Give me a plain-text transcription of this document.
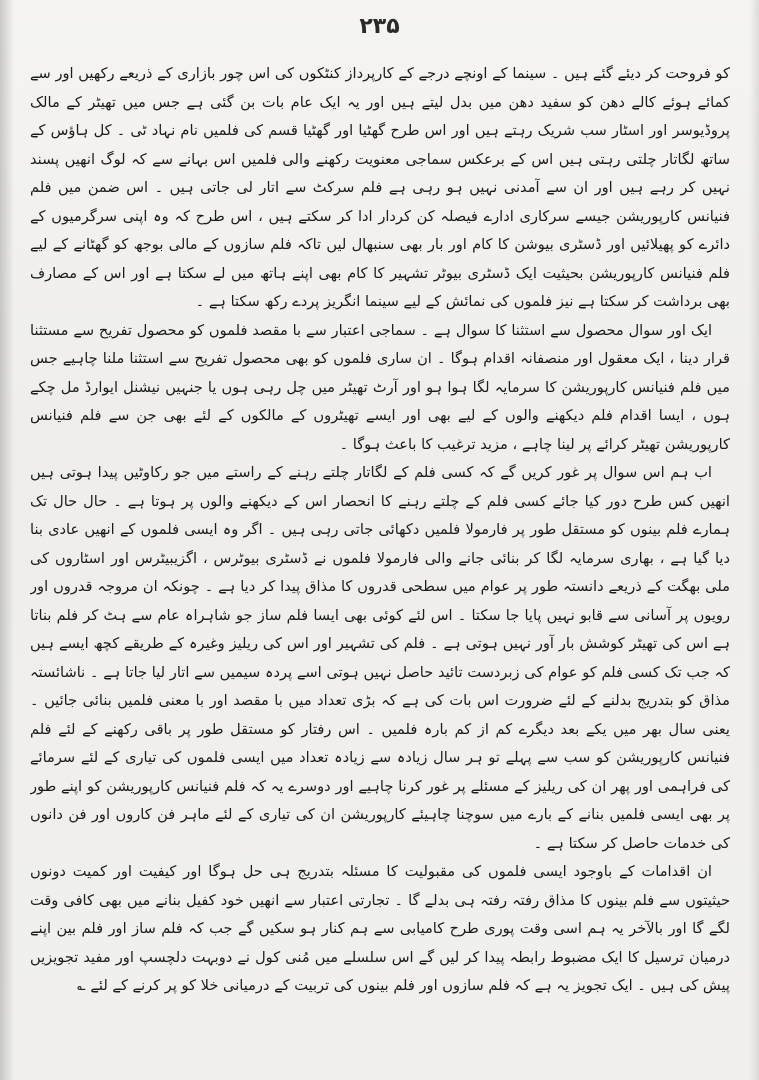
۲۳۵

کو فروحت کر دیئے گئے ہیں ۔ سینما کے اونچے درجے کے کارپرداز کنٹکوں کی اس چور بازاری کے ذریعے رکھیں اور سے کمائے ہوئے کالے دھن کو سفید دھن میں بدل لیتے ہیں اور یہ ایک عام بات بن گئی ہے جس میں تھیٹر کے مالک پروڈیوسر اور اسٹار سب شریک رہتے ہیں اور اس طرح گھٹیا اور گھٹیا قسم کی فلمیں نام نہاد ٹی ۔ کل ہاؤس کے ساتھ لگاتار چلتی رہتی ہیں اس کے برعکس سماجی معنویت رکھنے والی فلمیں اس بہانے سے کہ لوگ انھیں پسند نہیں کر رہے ہیں اور ان سے آمدنی نہیں ہو رہی ہے فلم سرکٹ سے اتار لی جاتی ہیں ۔ اس ضمن میں فلم فنیانس کارپوریشن جیسے سرکاری ادارے فیصلہ کن کردار ادا کر سکتے ہیں ، اس طرح کہ وہ اپنی سرگرمیوں کے دائرے کو پھیلائیں اور ڈسٹری بیوشن کا کام اور بار بھی سنبھال لیں تاکہ فلم سازوں کے مالی بوجھ کو گھٹانے کے لیے فلم فنیانس کارپوریشن بحیثیت ایک ڈسٹری بیوٹر تشہیر کا کام بھی اپنے ہاتھ میں لے سکتا ہے اور اس کے مصارف بھی برداشت کر سکتا ہے نیز فلموں کی نمائش کے لیے سینما انگریز پردے رکھ سکتا ہے ۔

ایک اور سوال محصول سے استثنا کا سوال ہے ۔ سماجی اعتبار سے با مقصد فلموں کو محصول تفریح سے مستثنا قرار دینا ، ایک معقول اور منصفانہ اقدام ہوگا ۔ ان ساری فلموں کو بھی محصول تفریح سے استثنا ملنا چاہیے جس میں فلم فنیانس کارپوریشن کا سرمایہ لگا ہوا ہو اور آرٹ تھیٹر میں چل رہی ہوں یا جنہیں نیشنل ایوارڈ مل چکے ہوں ، ایسا اقدام فلم دیکھنے والوں کے لیے بھی اور ایسے تھیٹروں کے مالکوں کے لئے بھی جن سے فلم فنیانس کارپوریشن تھیٹر کرائے پر لینا چاہے ، مزید ترغیب کا باعث ہوگا ۔

اب ہم اس سوال پر غور کریں گے کہ کسی فلم کے لگاتار چلتے رہنے کے راستے میں جو رکاوٹیں پیدا ہوتی ہیں انھیں کس طرح دور کیا جائے کسی فلم کے چلتے رہنے کا انحصار اس کے دیکھنے والوں پر ہوتا ہے ۔ حال حال تک ہمارے فلم بینوں کو مستقل طور پر فارمولا فلمیں دکھائی جاتی رہی ہیں ۔ اگر وہ ایسی فلموں کے انھیں عادی بنا دیا گیا ہے ، بھاری سرمایہ لگا کر بنائی جانے والی فارمولا فلموں نے ڈسٹری بیوٹرس ، اگزیبیٹرس اور اسٹاروں کی ملی بھگت کے ذریعے دانستہ طور پر عوام میں سطحی قدروں کا مذاق پیدا کر دیا ہے ۔ چونکہ ان مروجہ قدروں اور رویوں پر آسانی سے قابو نہیں پایا جا سکتا ۔ اس لئے کوئی بھی ایسا فلم ساز جو شاہراہ عام سے ہٹ کر فلم بناتا ہے اس کی تھیٹر کوشش بار آور نہیں ہوتی ہے ۔ فلم کی تشہیر اور اس کی ریلیز وغیرہ کے طریقے کچھ ایسے ہیں کہ جب تک کسی فلم کو عوام کی زبردست تائید حاصل نہیں ہوتی اسے پردہ سیمیں سے اتار لیا جاتا ہے ۔ ناشائستہ مذاق کو بتدریج بدلنے کے لئے ضرورت اس بات کی ہے کہ بڑی تعداد میں با مقصد اور با معنی فلمیں بنائی جائیں ۔ یعنی سال بھر میں یکے بعد دیگرے کم از کم بارہ فلمیں ۔ اس رفتار کو مستقل طور پر باقی رکھنے کے لئے فلم فنیانس کارپوریشن کو سب سے پہلے تو ہر سال زیادہ سے زیادہ تعداد میں ایسی فلموں کی تیاری کے لئے سرمائے کی فراہمی اور پھر ان کی ریلیز کے مسئلے پر غور کرنا چاہیے اور دوسرے یہ کہ فلم فنیانس کارپوریشن کو اپنے طور پر بھی ایسی فلمیں بنانے کے بارے میں سوچنا چاہیئے کارپوریشن ان کی تیاری کے لئے ماہر فن کاروں اور فن دانوں کی خدمات حاصل کر سکتا ہے ۔

ان اقدامات کے باوجود ایسی فلموں کی مقبولیت کا مسئلہ بتدریج ہی حل ہوگا اور کیفیت اور کمیت دونوں حیثیتوں سے فلم بینوں کا مذاق رفتہ رفتہ ہی بدلے گا ۔ تجارتی اعتبار سے انھیں خود کفیل بنانے میں بھی کافی وقت لگے گا اور بالآخر یہ ہم اسی وقت پوری طرح کامیابی سے ہم کنار ہو سکیں گے جب کہ فلم ساز اور فلم بین اپنے درمیان ترسیل کا ایک مضبوط رابطہ پیدا کر لیں گے اس سلسلے میں مُنی کول نے دوبہت دلچسپ اور مفید تجویزیں پیش کی ہیں ۔ ایک تجویز یہ ہے کہ فلم سازوں اور فلم بینوں کی تربیت کے درمیانی خلا کو پر کرنے کے لئے ؎
